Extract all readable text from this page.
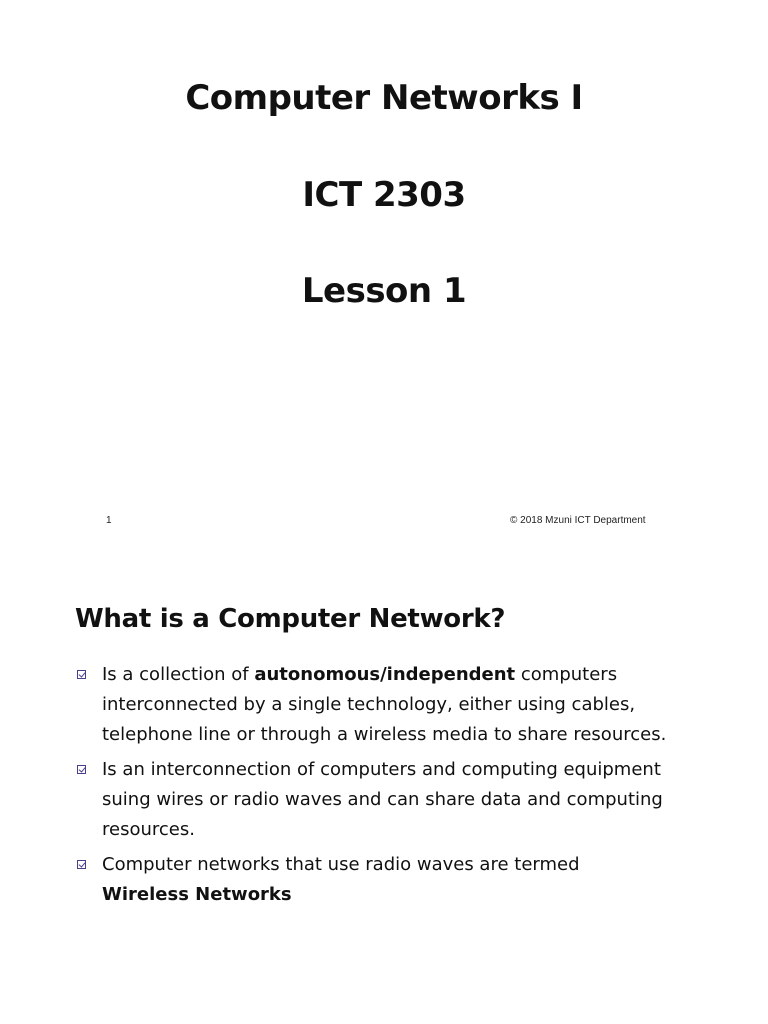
Computer Networks I
ICT 2303
Lesson 1
1	© 2018 Mzuni ICT Department
What is a Computer Network?
Is a collection of autonomous/independent computers interconnected by a single technology, either using cables, telephone line or through a wireless media to share resources.
Is an interconnection of computers and computing equipment suing wires or radio waves and can share data and computing resources.
Computer networks that use radio waves are termed
Wireless Networks
